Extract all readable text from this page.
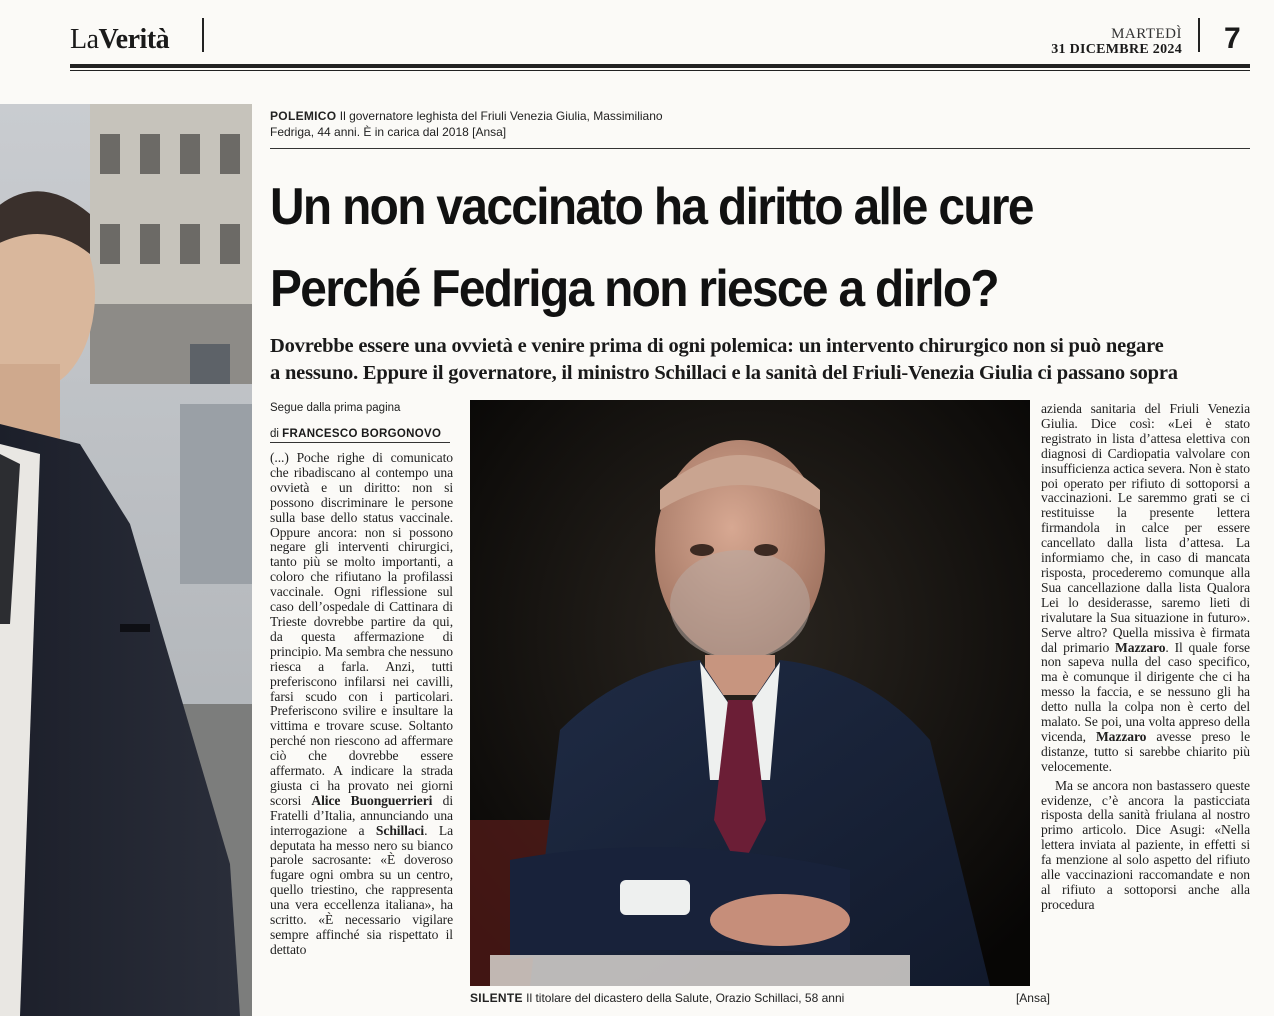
LaVerità	MARTEDÌ
31 DICEMBRE 2024 7
POLEMICO Il governatore leghista del Friuli Venezia Giulia, Massimiliano Fedriga, 44 anni. È in carica dal 2018 [Ansa]
Un non vaccinato ha diritto alle cure
Perché Fedriga non riesce a dirlo?
Dovrebbe essere una ovvietà e venire prima di ogni polemica: un intervento chirurgico non si può negare
a nessuno. Eppure il governatore, il ministro Schillaci e la sanità del Friuli-Venezia Giulia ci passano sopra
Segue dalla prima pagina
di FRANCESCO BORGONOVO
(...) Poche righe di comunicato che ribadiscano al contempo una ovvietà e un diritto: non si possono discriminare le persone sulla base dello status vaccinale. Oppure ancora: non si possono negare gli interventi chirurgici, tanto più se molto importanti, a coloro che rifiutano la profilassi vaccinale. Ogni riflessione sul caso dell’ospedale di Cattinara di Trieste dovrebbe partire da qui, da questa affermazione di principio. Ma sembra che nessuno riesca a farla. Anzi, tutti preferiscono infilarsi nei cavilli, farsi scudo con i particolari. Preferiscono svilire e insultare la vittima e trovare scuse. Soltanto perché non riescono ad affermare ciò che dovrebbe essere affermato. A indicare la strada giusta ci ha provato nei giorni scorsi Alice Buonguerrieri di Fratelli d’Italia, annunciando una interrogazione a Schillaci. La deputata ha messo nero su bianco parole sacrosante: «È doveroso fugare ogni ombra su un centro, quello triestino, che rappresenta una vera eccellenza italiana», ha scritto. «È necessario vigilare sempre affinché sia rispettato il dettato
SILENTE Il titolare del dicastero della Salute, Orazio Schillaci, 58 anni	[Ansa]
azienda sanitaria del Friuli Venezia Giulia. Dice così: «Lei è stato registrato in lista d’attesa elettiva con diagnosi di Cardiopatia valvolare con insufficienza actica severa. Non è stato poi operato per rifiuto di sottoporsi a vaccinazioni. Le saremmo grati se ci restituisse la presente lettera firmandola in calce per essere cancellato dalla lista d’attesa. La informiamo che, in caso di mancata risposta, procederemo comunque alla Sua cancellazione dalla lista Qualora Lei lo desiderasse, saremo lieti di rivalutare la Sua situazione in futuro». Serve altro? Quella missiva è firmata dal primario Mazzaro. Il quale forse non sapeva nulla del caso specifico, ma è comunque il dirigente che ci ha messo la faccia, e se nessuno gli ha detto nulla la colpa non è certo del malato. Se poi, una volta appreso della vicenda, Mazzaro avesse preso le distanze, tutto si sarebbe chiarito più velocemente.
Ma se ancora non bastassero queste evidenze, c’è ancora la pasticciata risposta della sanità friulana al nostro primo articolo. Dice Asugi: «Nella lettera inviata al paziente, in effetti si fa menzione al solo aspetto del rifiuto alle vaccinazioni raccomandate e non al rifiuto a sottoporsi anche alla procedura
